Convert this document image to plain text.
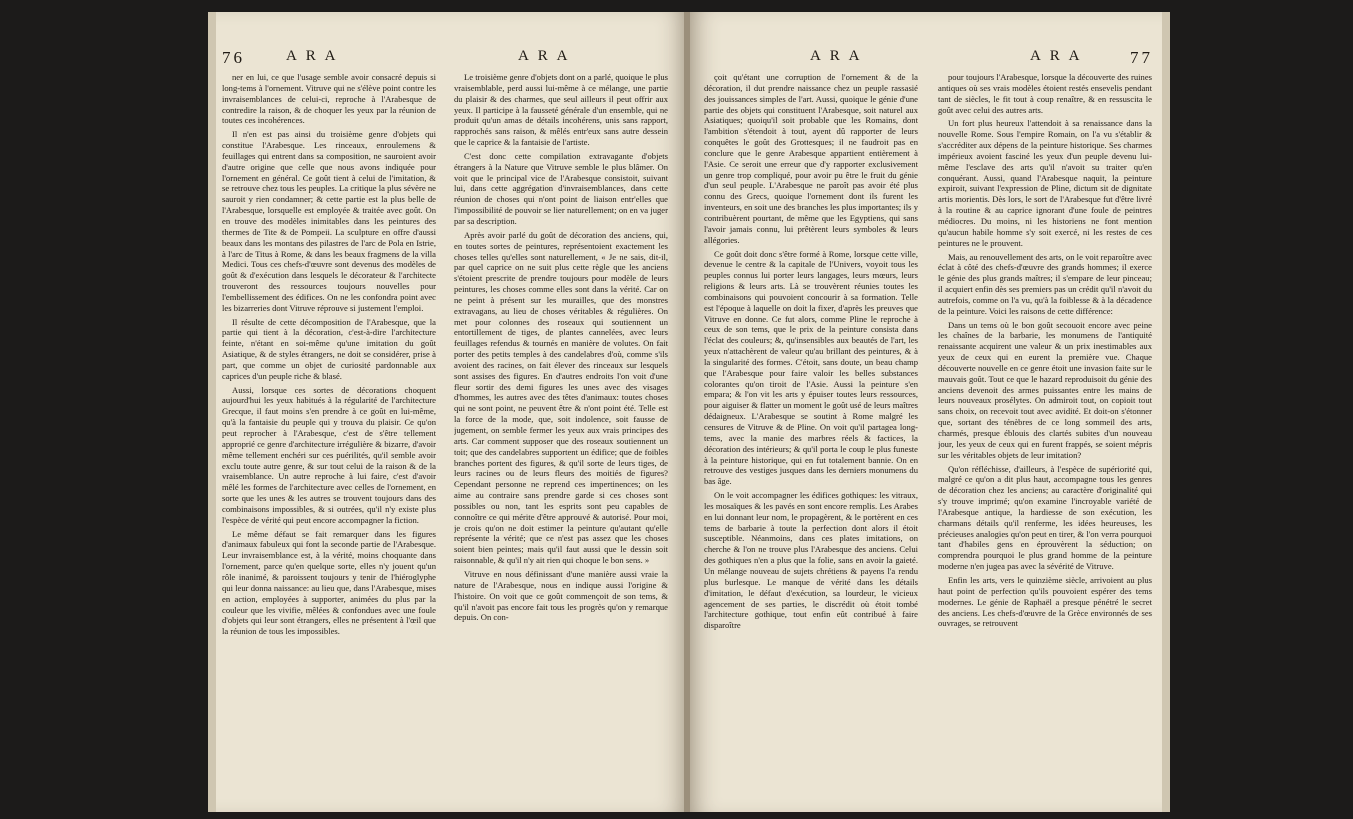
76	A R A	A R A

ner en lui, ce que l'usage semble avoir consacré depuis si long-tems à l'ornement. Vitruve qui ne s'élève point contre les invraisemblances de celui-ci, reproche à l'Arabesque de contredire la raison, & de choquer les yeux par la réunion de toutes ces incohérences.

Il n'en est pas ainsi du troisième genre d'objets qui constitue l'Arabesque. Les rinceaux, enroulemens & feuillages qui entrent dans sa composition, ne sauroient avoir d'autre origine que celle que nous avons indiquée pour l'ornement en général. Ce goût tient à celui de l'imitation, & se retrouve chez tous les peuples. La critique la plus sévère ne sauroit y rien condamner; & cette partie est la plus belle de l'Arabesque, lorsquelle est employée & traitée avec goût. On en trouve des modèles inimitables dans les peintures des thermes de Tite & de Pompeii. La sculpture en offre d'aussi beaux dans les montans des pilastres de l'arc de Pola en Istrie, à l'arc de Titus à Rome, & dans les beaux fragmens de la villa Medici. Tous ces chefs-d'œuvre sont devenus des modèles de goût & d'exécution dans lesquels le décorateur & l'architecte trouveront des ressources toujours nouvelles pour l'embellissement des édifices. On ne les confondra point avec les bizarreries dont Vitruve réprouve si justement l'emploi.

Il résulte de cette décomposition de l'Arabesque, que la partie qui tient à la décoration, c'est-à-dire l'architecture feinte, n'étant en soi-même qu'une imitation du goût Asiatique, & de styles étrangers, ne doit se considérer, prise à part, que comme un objet de curiosité pardonnable aux caprices d'un peuple riche & blasé.

Aussi, lorsque ces sortes de décorations choquent aujourd'hui les yeux habitués à la régularité de l'architecture Grecque, il faut moins s'en prendre à ce goût en lui-même, qu'à la fantaisie du peuple qui y trouva du plaisir. Ce qu'on peut reprocher à l'Arabesque, c'est de s'être tellement approprié ce genre d'architecture irrégulière & bizarre, d'avoir même tellement enchéri sur ces puérilités, qu'il semble avoir exclu toute autre genre, & sur tout celui de la raison & de la vraisemblance. Un autre reproche à lui faire, c'est d'avoir mêlé les formes de l'architecture avec celles de l'ornement, en sorte que les unes & les autres se trouvent toujours dans des combinaisons impossibles, & si outrées, qu'il n'y existe plus l'espèce de vérité qui peut encore accompagner la fiction.

Le même défaut se fait remarquer dans les figures d'animaux fabuleux qui font la seconde partie de l'Arabesque. Leur invraisemblance est, à la vérité, moins choquante dans l'ornement, parce qu'en quelque sorte, elles n'y jouent qu'un rôle inanimé, & paroissent toujours y tenir de l'hiéroglyphe qui leur donna naissance: au lieu que, dans l'Arabesque, mises en action, employées à supporter, animées du plus par la couleur que les vivifie, mêlées & confondues avec une foule d'objets qui leur sont étrangers, elles ne présentent à l'œil que la réunion de tous les impossibles.

Le troisième genre d'objets dont on a parlé, quoique le plus vraisemblable, perd aussi lui-même à ce mélange, une partie du plaisir & des charmes, que seul ailleurs il peut offrir aux yeux. Il participe à la fausseté générale d'un ensemble, qui ne produit qu'un amas de détails incohérens, unis sans rapport, rapprochés sans raison, & mêlés entr'eux sans autre dessein que le caprice & la fantaisie de l'artiste.

C'est donc cette compilation extravagante d'objets étrangers à la Nature que Vitruve semble le plus blâmer. On voit que le principal vice de l'Arabesque consistoit, suivant lui, dans cette aggrégation d'invraisemblances, dans cette réunion de choses qui n'ont point de liaison entr'elles que l'impossibilité de pouvoir se lier naturellement; on en va juger par sa description.

Après avoir parlé du goût de décoration des anciens, qui, en toutes sortes de peintures, représentoient exactement les choses telles qu'elles sont naturellement, « Je ne sais, dit-il, par quel caprice on ne suit plus cette règle que les anciens s'étoient prescrite de prendre toujours pour modèle de leurs peintures, les choses comme elles sont dans la vérité. Car on ne peint à présent sur les murailles, que des monstres extravagans, au lieu de choses véritables & régulières. On met pour colonnes des roseaux qui soutiennent un entortillement de tiges, de plantes cannelées, avec leurs feuillages refendus & tournés en manière de volutes. On fait porter des petits temples à des candelabres d'où, comme s'ils avoient des racines, on fait élever des rinceaux sur lesquels sont assises des figures. En d'autres endroits l'on voit d'une fleur sortir des demi figures les unes avec des visages d'hommes, les autres avec des têtes d'animaux: toutes choses qui ne sont point, ne peuvent être & n'ont point été. Telle est la force de la mode, que, soit indolence, soit fausse de jugement, on semble fermer les yeux aux vrais principes des arts. Car comment supposer que des roseaux soutiennent un toit; que des candelabres supportent un édifice; que de foibles branches portent des figures, & qu'il sorte de leurs tiges, de leurs racines ou de leurs fleurs des moitiés de figures? Cependant personne ne reprend ces impertinences; on les aime au contraire sans prendre garde si ces choses sont possibles ou non, tant les esprits sont peu capables de connoître ce qui mérite d'être approuvé & autorisé. Pour moi, je crois qu'on ne doit estimer la peinture qu'autant qu'elle représente la vérité; que ce n'est pas assez que les choses soient bien peintes; mais qu'il faut aussi que le dessin soit raisonnable, & qu'il n'y ait rien qui choque le bon sens. »

Vitruve en nous définissant d'une manière aussi vraie la nature de l'Arabesque, nous en indique aussi l'origine & l'histoire. On voit que ce goût commençoit de son tems, & qu'il n'avoit pas encore fait tous les progrès qu'on y remarque depuis. On con-

A R A	A R A	77

çoit qu'étant une corruption de l'ornement & de la décoration, il dut prendre naissance chez un peuple rassasié des jouissances simples de l'art. Aussi, quoique le génie d'une partie des objets qui constituent l'Arabesque, soit naturel aux Asiatiques; quoiqu'il soit probable que les Romains, dont l'ambition s'étendoit à tout, ayent dû rapporter de leurs conquêtes le goût des Grottesques; il ne faudroit pas en conclure que le genre Arabesque appartient entièrement à l'Asie. Ce seroit une erreur que d'y rapporter exclusivement un genre trop compliqué, pour avoir pu être le fruit du génie d'un seul peuple. L'Arabesque ne paroît pas avoir été plus connu des Grecs, quoique l'ornement dont ils furent les inventeurs, en soit une des branches les plus importantes; ils y contribuèrent pourtant, de même que les Egyptiens, qui sans l'avoir jamais connu, lui prêtèrent leurs symboles & leurs allégories.

Ce goût doit donc s'être formé à Rome, lorsque cette ville, devenue le centre & la capitale de l'Univers, voyoit tous les peuples connus lui porter leurs langages, leurs mœurs, leurs religions & leurs arts. Là se trouvèrent réunies toutes les combinaisons qui pouvoient concourir à sa formation. Telle est l'époque à laquelle on doit la fixer, d'après les preuves que Vitruve en donne. Ce fut alors, comme Pline le reproche à ceux de son tems, que le prix de la peinture consista dans l'éclat des couleurs; &, qu'insensibles aux beautés de l'art, les yeux n'attachèrent de valeur qu'au brillant des peintures, & à la singularité des formes. C'étoit, sans doute, un beau champ que l'Arabesque pour faire valoir les belles substances colorantes qu'on tiroit de l'Asie. Aussi la peinture s'en empara; & l'on vit les arts y épuiser toutes leurs ressources, pour aiguiser & flatter un moment le goût usé de leurs maîtres dédaigneux. L'Arabesque se soutint à Rome malgré les censures de Vitruve & de Pline. On voit qu'il partagea long-tems, avec la manie des marbres réels & factices, la décoration des intérieurs; & qu'il porta le coup le plus funeste à la peinture historique, qui en fut totalement bannie. On en retrouve des vestiges jusques dans les derniers monumens du bas âge.

On le voit accompagner les édifices gothiques: les vitraux, les mosaïques & les pavés en sont encore remplis. Les Arabes en lui donnant leur nom, le propagèrent, & le portèrent en ces tems de barbarie à toute la perfection dont alors il étoit susceptible. Néanmoins, dans ces plates imitations, on cherche & l'on ne trouve plus l'Arabesque des anciens. Celui des gothiques n'en a plus que la folie, sans en avoir la gaieté. Un mélange nouveau de sujets chrétiens & payens l'a rendu plus burlesque. Le manque de vérité dans les détails d'imitation, le défaut d'exécution, sa lourdeur, le vicieux agencement de ses parties, le discrédit où étoit tombé l'architecture gothique, tout enfin eût contribué à faire disparoître

pour toujours l'Arabesque, lorsque la découverte des ruines antiques où ses vrais modèles étoient restés ensevelis pendant tant de siècles, le fit tout à coup renaître, & en ressuscita le goût avec celui des autres arts.

Un fort plus heureux l'attendoit à sa renaissance dans la nouvelle Rome. Sous l'empire Romain, on l'a vu s'établir & s'accréditer aux dépens de la peinture historique. Ses charmes impérieux avoient fasciné les yeux d'un peuple devenu lui-même l'esclave des arts qu'il n'avoit su traiter qu'en conquérant. Aussi, quand l'Arabesque naquit, la peinture expiroit, suivant l'expression de Pline, dictum sit de dignitate artis morientis. Dès lors, le sort de l'Arabesque fut d'être livré à la routine & au caprice ignorant d'une foule de peintres médiocres. Du moins, ni les historiens ne font mention qu'aucun habile homme s'y soit exercé, ni les restes de ces peintures ne le prouvent.

Mais, au renouvellement des arts, on le voit reparoître avec éclat à côté des chefs-d'œuvre des grands hommes; il exerce le génie des plus grands maîtres; il s'empare de leur pinceau; il acquiert enfin dès ses premiers pas un crédit qu'il n'avoit du autrefois, comme on l'a vu, qu'à la foiblesse & à la décadence de la peinture. Voici les raisons de cette différence:

Dans un tems où le bon goût secouoit encore avec peine les chaînes de la barbarie, les monumens de l'antiquité renaissante acquirent une valeur & un prix inestimables aux yeux de ceux qui en eurent la première vue. Chaque découverte nouvelle en ce genre étoit une invasion faite sur le mauvais goût. Tout ce que le hazard reproduisoit du génie des anciens devenoit des armes puissantes entre les mains de leurs nouveaux prosélytes. On admiroit tout, on copioit tout sans choix, on recevoit tout avec avidité. Et doit-on s'étonner que, sortant des ténèbres de ce long sommeil des arts, charmés, presque éblouis des clartés subites d'un nouveau jour, les yeux de ceux qui en furent frappés, se soient mépris sur les véritables objets de leur imitation?

Qu'on réfléchisse, d'ailleurs, à l'espèce de supériorité qui, malgré ce qu'on a dit plus haut, accompagne tous les genres de décoration chez les anciens; au caractère d'originalité qui s'y trouve imprimé; qu'on examine l'incroyable variété de l'Arabesque antique, la hardiesse de son exécution, les charmans détails qu'il renferme, les idées heureuses, les précieuses analogies qu'on peut en tirer, & l'on verra pourquoi tant d'habiles gens en éprouvèrent la séduction; on comprendra pourquoi le plus grand homme de la peinture moderne n'en jugea pas avec la sévérité de Vitruve.

Enfin les arts, vers le quinzième siècle, arrivoient au plus haut point de perfection qu'ils pouvoient espérer des tems modernes. Le génie de Raphaël a presque pénétré le secret des anciens. Les chefs-d'œuvre de la Grèce environnés de ses ouvrages, se retrouvent
